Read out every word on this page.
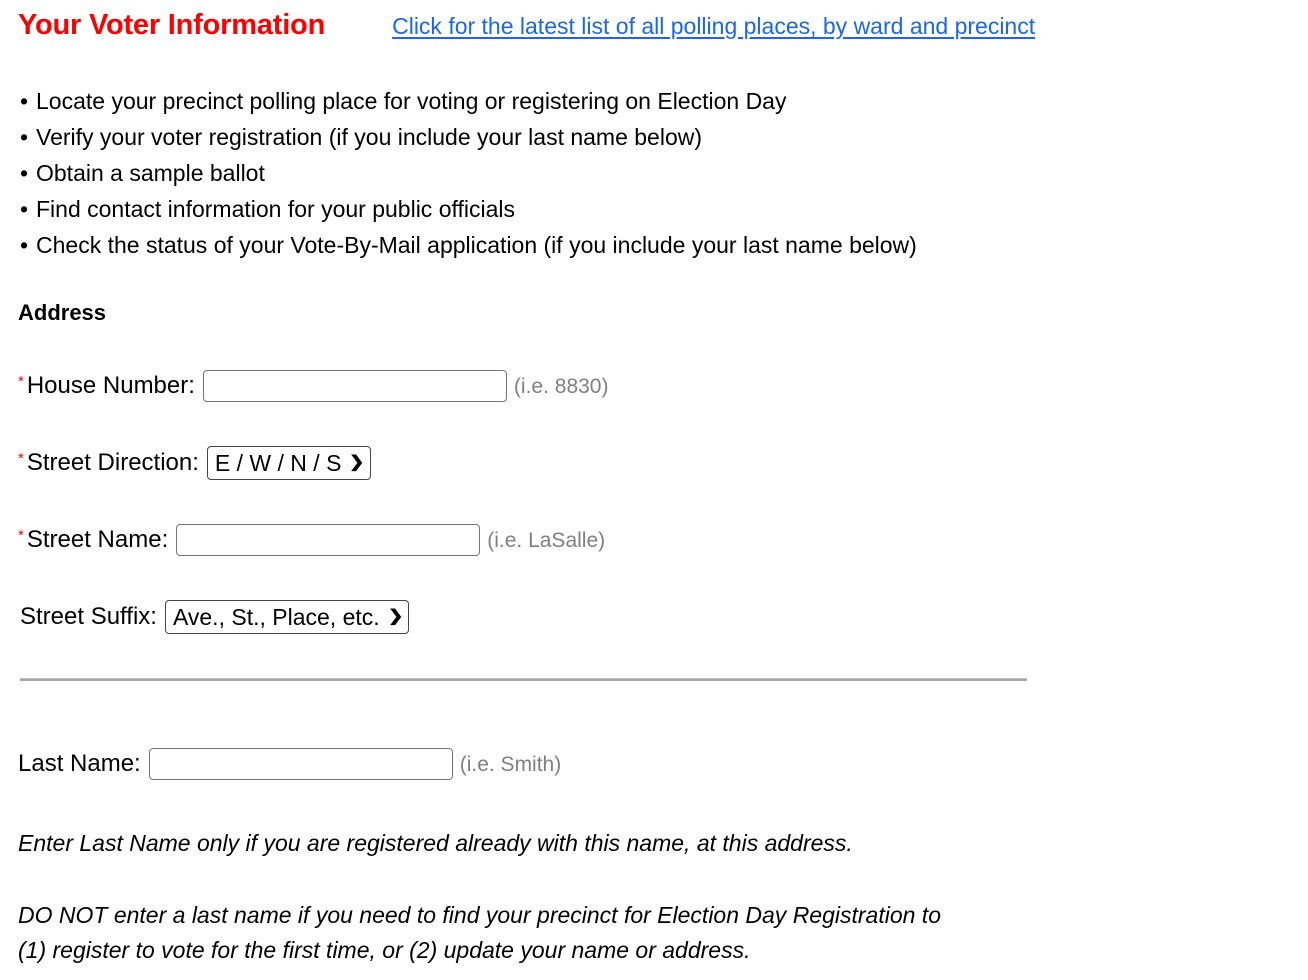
Your Voter Information	Click for the latest list of all polling places, by ward and precinct
• Locate your precinct polling place for voting or registering on Election Day
• Verify your voter registration (if you include your last name below)
• Obtain a sample ballot
• Find contact information for your public officials
• Check the status of your Vote-By-Mail application (if you include your last name below)
Address
* House Number:	(i.e. 8830)
* Street Direction: E / W / N / S ❯
* Street Name:	(i.e. LaSalle)
Street Suffix: Ave., St., Place, etc. ❯
Last Name:	(i.e. Smith)
Enter Last Name only if you are registered already with this name, at this address.
DO NOT enter a last name if you need to find your precinct for Election Day Registration to
(1) register to vote for the first time, or (2) update your name or address.
